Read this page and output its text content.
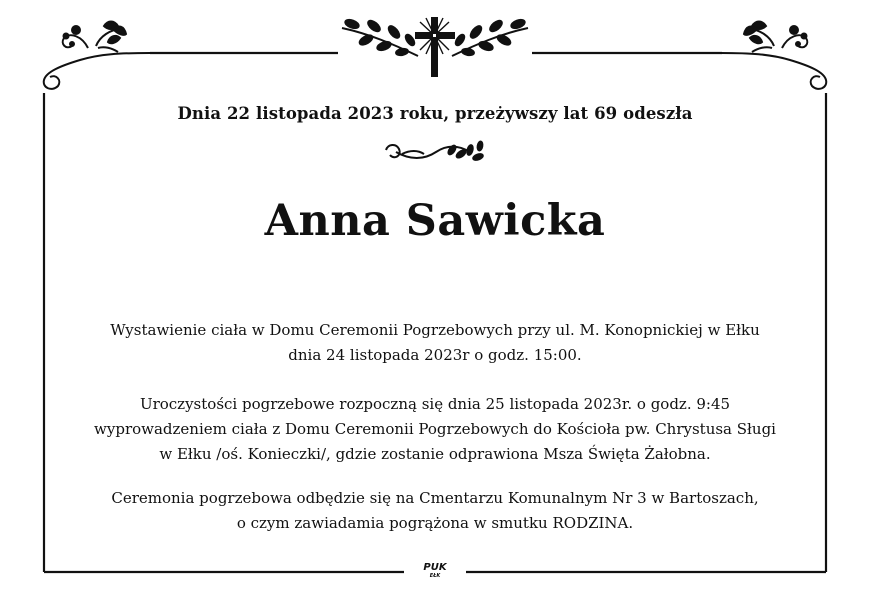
Dnia 22 listopada 2023 roku, przeżywszy lat 69 odeszła
Anna Sawicka

Wystawienie ciała w Domu Ceremonii Pogrzebowych przy ul. M. Konopnickiej w Ełku
dnia 24 listopada 2023r o godz. 15:00.

Uroczystości pogrzebowe rozpoczną się dnia 25 listopada 2023r. o godz. 9:45
wyprowadzeniem ciała z Domu Ceremonii Pogrzebowych do Kościoła pw. Chrystusa Sługi
w Ełku /oś. Konieczki/, gdzie zostanie odprawiona Msza Święta Żałobna.

Ceremonia pogrzebowa odbędzie się na Cmentarzu Komunalnym Nr 3 w Bartoszach,
o czym zawiadamia pogrążona w smutku RODZINA.

PUK
EŁK
